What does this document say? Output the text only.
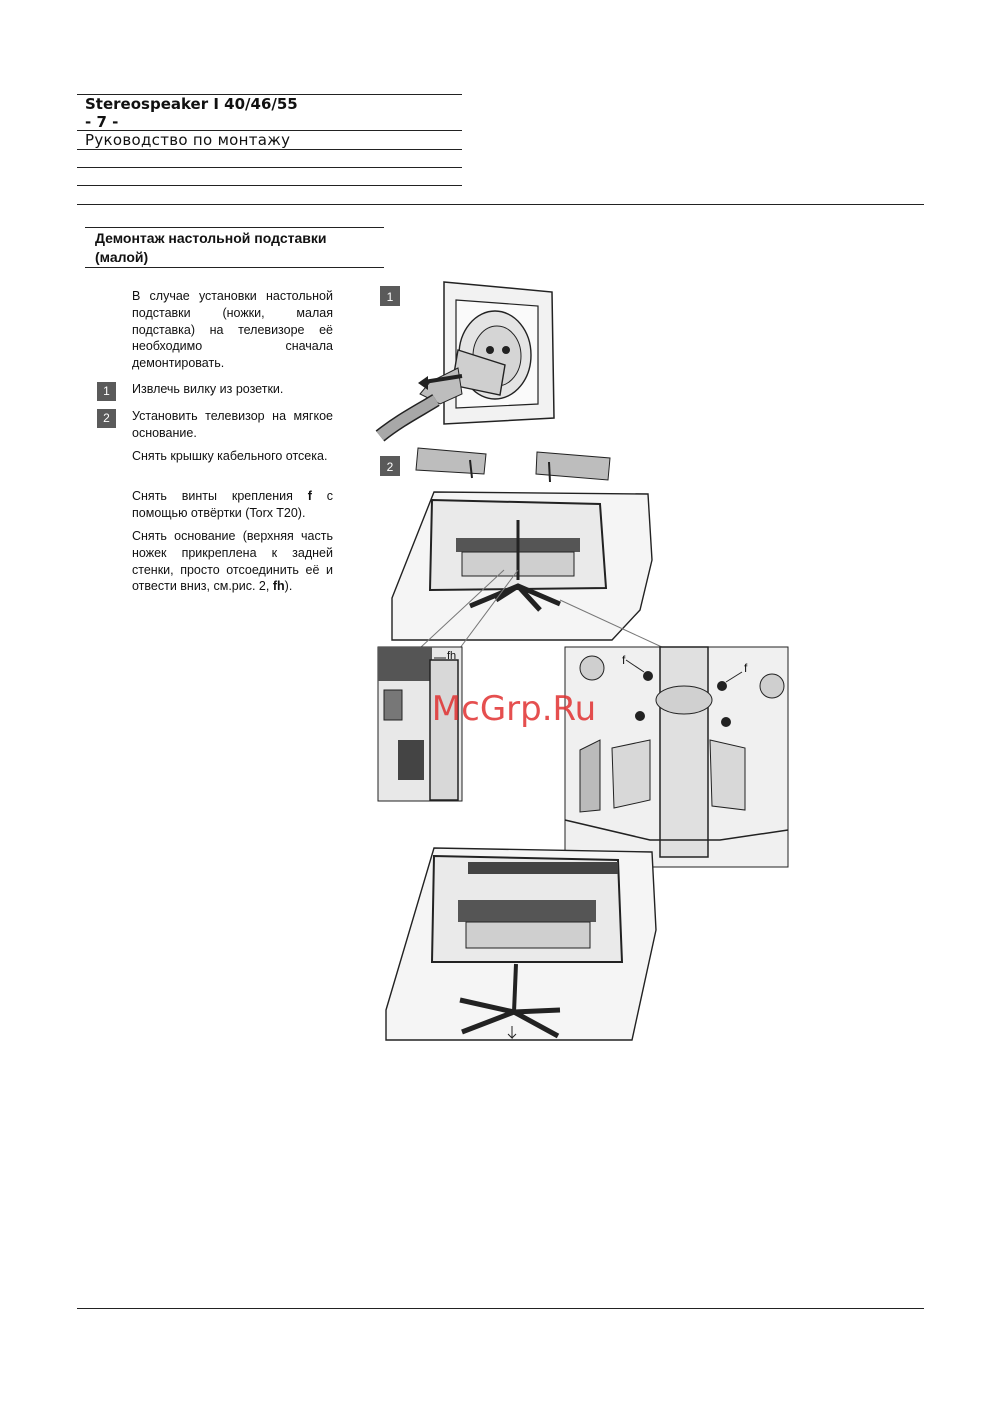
Stereospeaker I 40/46/55
- 7 -
Руководство по монтажу
Демонтаж настольной подставки (малой)
В случае установки настольной подставки (ножки, малая подставка) на телевизоре её необходимо сначала демонтировать.
1	Извлечь вилку из розетки.
2	Установить телевизор на мягкое основание.
Снять крышку кабельного отсека.
Снять винты крепления f с помощью отвёртки (Torx T20).
Снять основание (верхняя часть ножек прикреплена к задней стенки, просто отсоединить её и отвести вниз, см.рис. 2, fh).
1
2
fh	f
f
McGrp.Ru
